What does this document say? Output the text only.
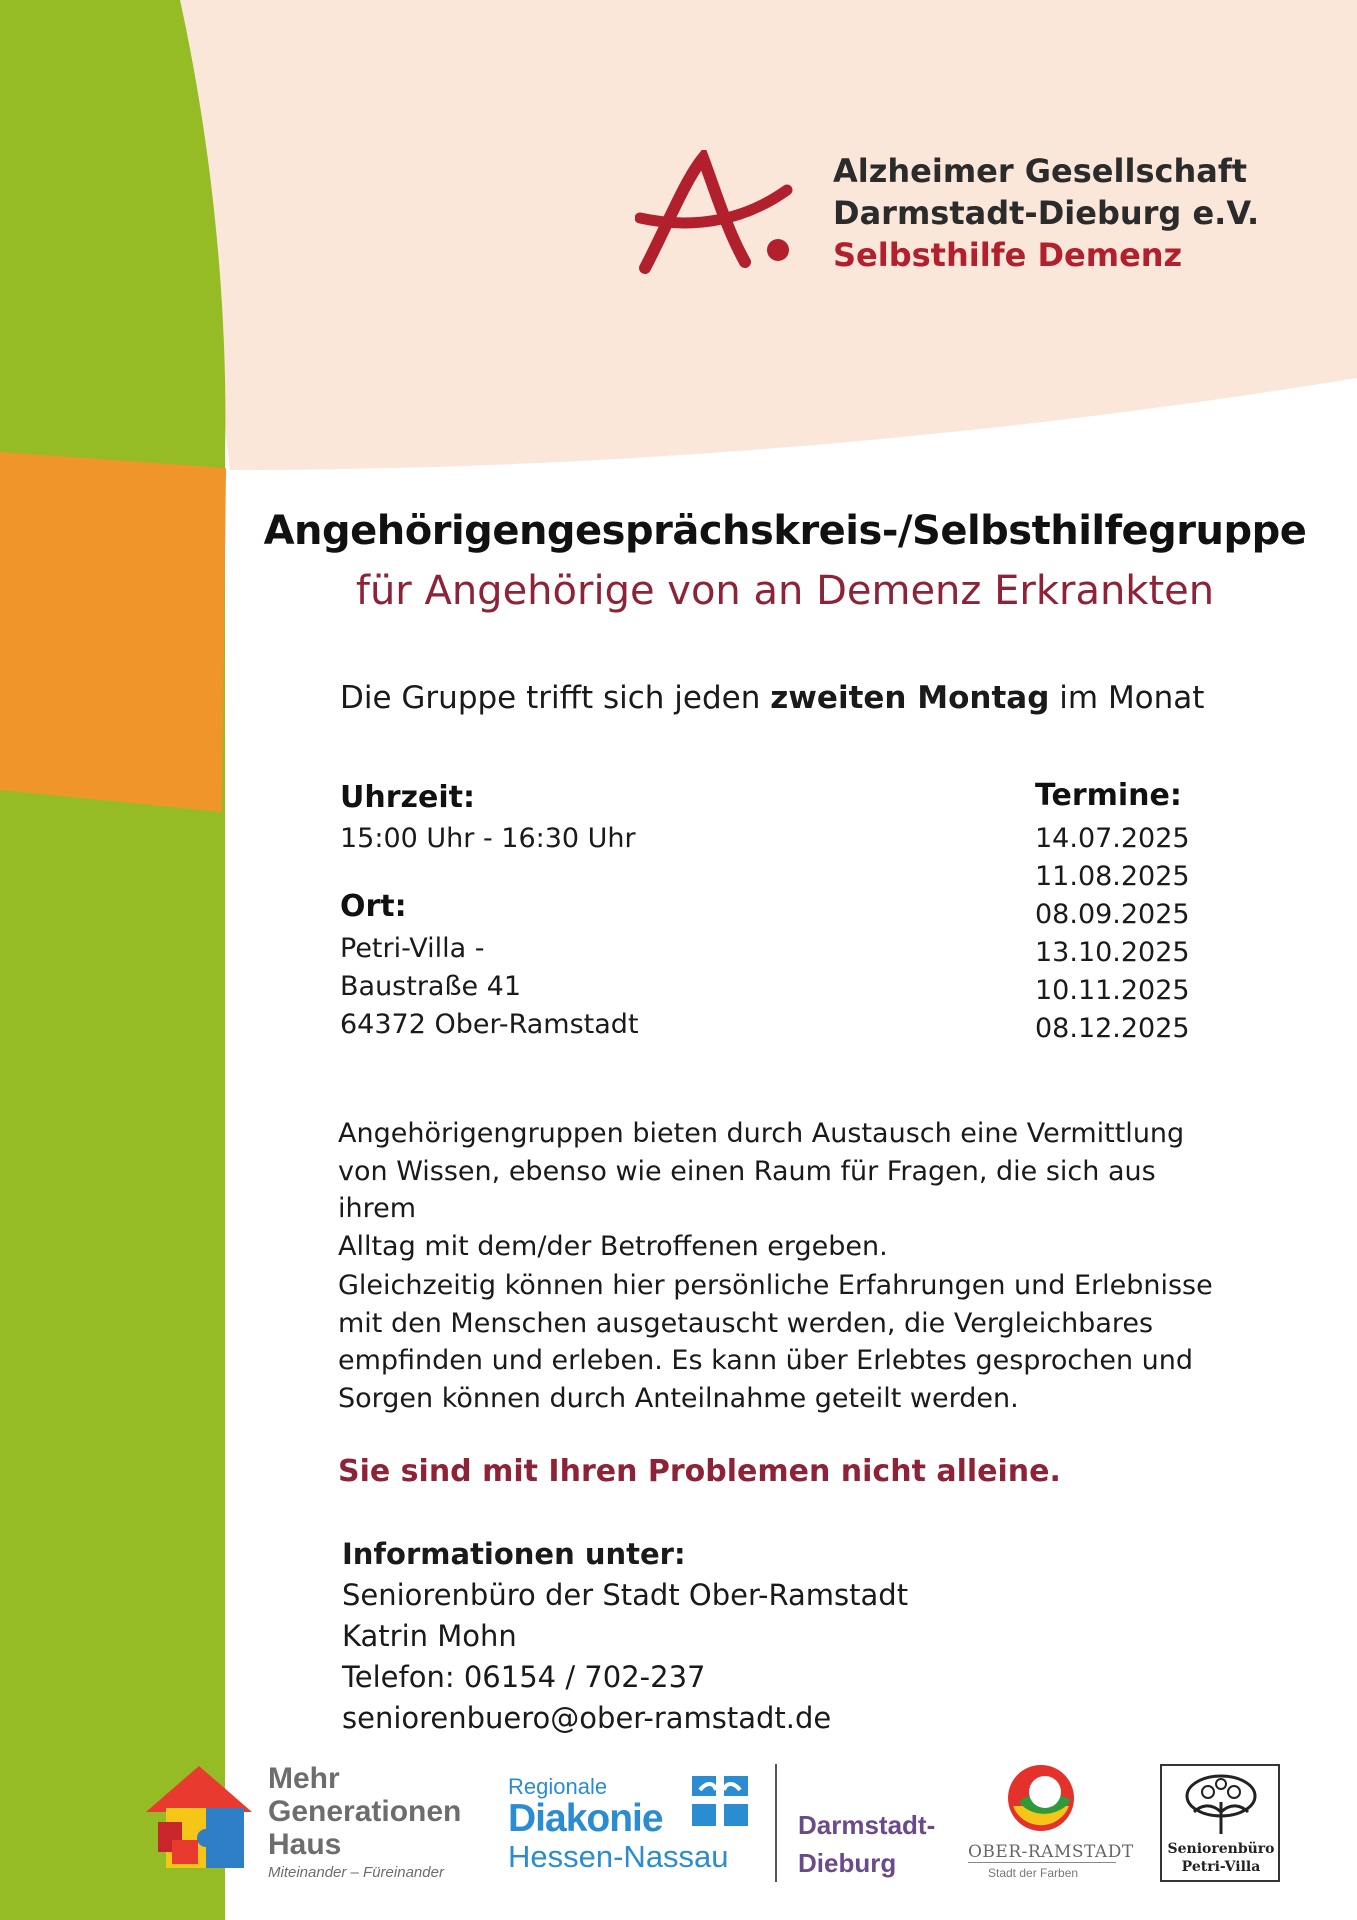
Alzheimer Gesellschaft
Darmstadt-Dieburg e.V.
Selbsthilfe Demenz
Angehörigengesprächskreis-/Selbsthilfegruppe
für Angehörige von an Demenz Erkrankten
Die Gruppe trifft sich jeden zweiten Montag im Monat
Uhrzeit:
15:00 Uhr - 16:30 Uhr
Ort:
Petri-Villa -
Baustraße 41
64372 Ober-Ramstadt
Termine:
14.07.2025
11.08.2025
08.09.2025
13.10.2025
10.11.2025
08.12.2025
Angehörigengruppen bieten durch Austausch eine Vermittlung
von Wissen, ebenso wie einen Raum für Fragen, die sich aus ihrem
Alltag mit dem/der Betroffenen ergeben.
Gleichzeitig können hier persönliche Erfahrungen und Erlebnisse
mit den Menschen ausgetauscht werden, die Vergleichbares
empfinden und erleben. Es kann über Erlebtes gesprochen und
Sorgen können durch Anteilnahme geteilt werden.
Sie sind mit Ihren Problemen nicht alleine.
Informationen unter:
Seniorenbüro der Stadt Ober-Ramstadt
Katrin Mohn
Telefon: 06154 / 702-237
seniorenbuero@ober-ramstadt.de
Mehr
Generationen
Haus
Miteinander – Füreinander
Regionale
Diakonie
Hessen-Nassau
Darmstadt-
Dieburg	OBER-RAMSTADT
Stadt der Farben
Seniorenbüro
Petri-Villa
